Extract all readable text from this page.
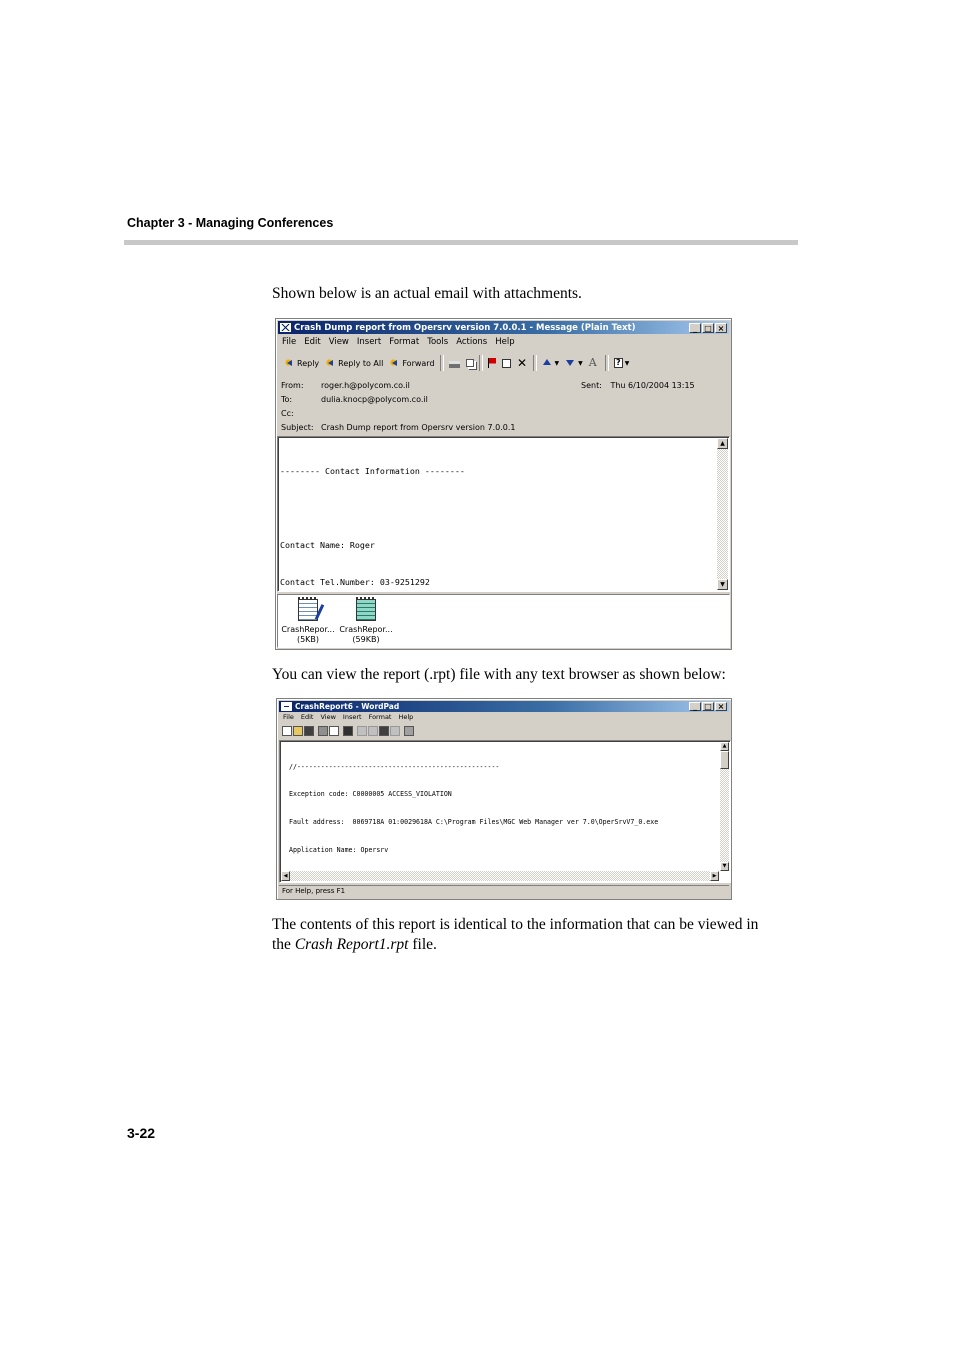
Chapter 3 - Managing Conferences
Shown below is an actual email with attachments.
Crash Dump report from Opersrv version 7.0.0.1 - Message (Plain Text)	_ □ ×
File Edit View Insert Format Tools Actions Help
Reply Reply to All Forward	✕	▼	▼ A	? ▼
From:	roger.h@polycom.co.il	Sent: Thu 6/10/2004 13:15
To:	dulia.knocp@polycom.co.il
Cc:
Subject: Crash Dump report from Opersrv version 7.0.0.1

-------- Contact Information --------

Contact Name: Roger

Contact Tel.Number: 03-9251292

▲
▼
CrashRepor...
(5KB)
CrashRepor...
(59KB)
You can view the report (.rpt) file with any text browser as shown below:
CrashReport6 - WordPad	_ □ ×
File Edit View Insert Format Help

//---------------------------------------------------

Exception code: C0000005 ACCESS_VIOLATION

Fault address:  0069718A 01:0029618A C:\Program Files\MGC Web Manager ver 7.0\OperSrvV7_0.exe

Application Name: Opersrv

▲
▼
◀	▶
For Help, press F1
The contents of this report is identical to the information that can be viewed in
the Crash Report1.rpt file.
3-22
